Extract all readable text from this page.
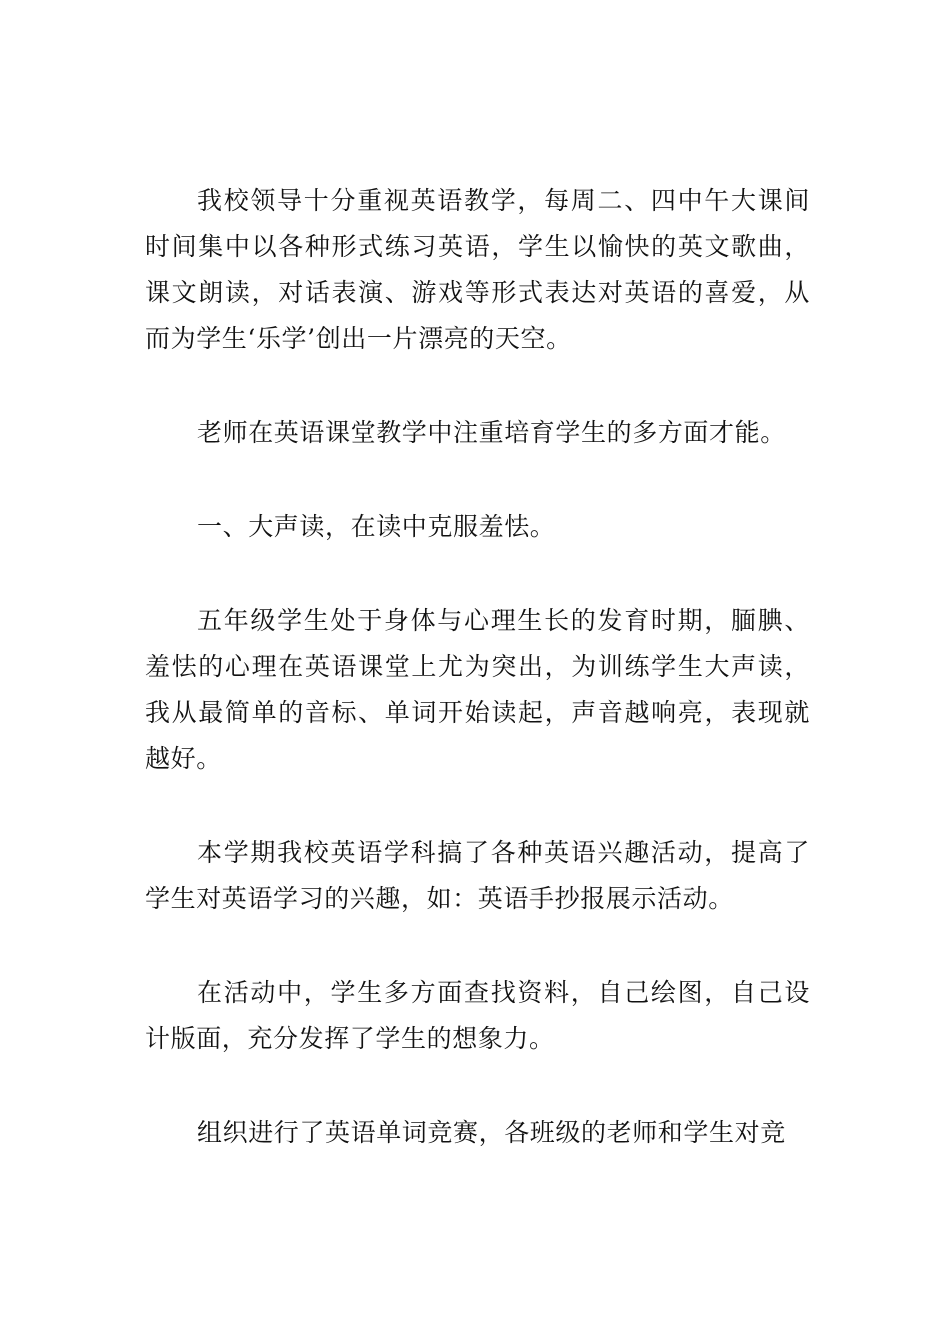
我校领导十分重视英语教学，每周二、四中午大课间时间集中以各种形式练习英语，学生以愉快的英文歌曲，课文朗读，对话表演、游戏等形式表达对英语的喜爱，从而为学生‘乐学’创出一片漂亮的天空。

老师在英语课堂教学中注重培育学生的多方面才能。

一、大声读，在读中克服羞怯。

五年级学生处于身体与心理生长的发育时期，腼腆、羞怯的心理在英语课堂上尤为突出，为训练学生大声读，我从最简单的音标、单词开始读起，声音越响亮，表现就越好。

本学期我校英语学科搞了各种英语兴趣活动，提高了学生对英语学习的兴趣，如：英语手抄报展示活动。

在活动中，学生多方面查找资料，自己绘图，自己设计版面，充分发挥了学生的想象力。

组织进行了英语单词竞赛，各班级的老师和学生对竞
